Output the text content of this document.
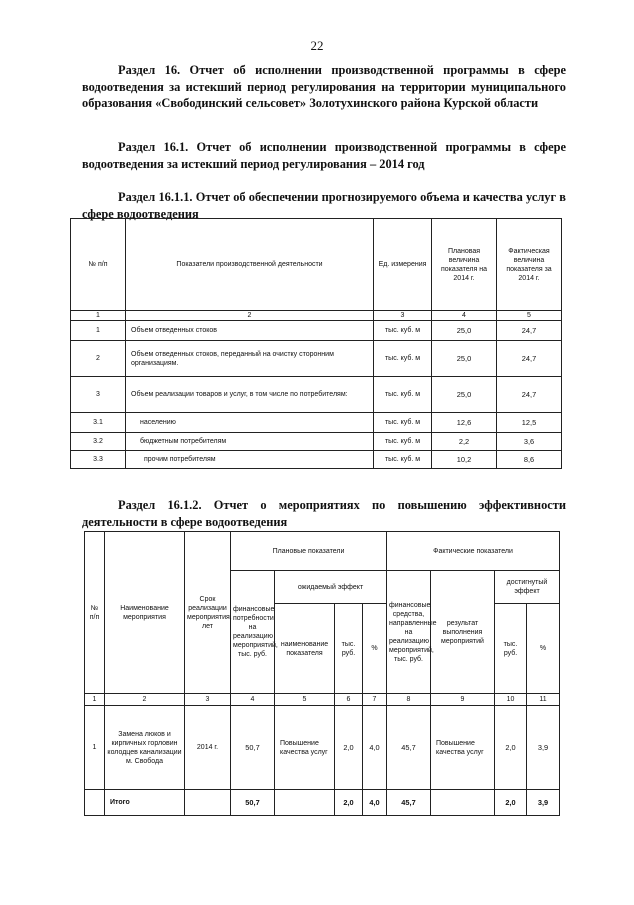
22
Раздел 16. Отчет об исполнении производственной программы в сфере водоотведения за истекший период регулирования на территории муниципального образования «Свободинский сельсовет» Золотухинского района Курской области
Раздел 16.1. Отчет об исполнении производственной программы в сфере водоотведения за истекший период регулирования – 2014 год
Раздел 16.1.1. Отчет об обеспечении прогнозируемого объема и качества услуг в сфере водоотведения
№ п/п	Показатели производственной деятельности	Ед. измерения	Плановая величина показателя на 2014 г.	Фактическая величина показателя за 2014 г.
1	2	3	4	5
1	Объем отведенных стоков	тыс. куб. м	25,0	24,7
2	Объем отведенных стоков, переданный на очистку сторонним организациям.	тыс. куб. м	25,0	24,7
3	Объем реализации товаров и услуг, в том числе по потребителям:	тыс. куб. м	25,0	24,7
3.1	населению	тыс. куб. м	12,6	12,5
3.2	бюджетным потребителям	тыс. куб. м	2,2	3,6
3.3	прочим потребителям	тыс. куб. м	10,2	8,6
Раздел 16.1.2. Отчет о мероприятиях по повышению эффективности деятельности в сфере водоотведения
№ п/п	Наименование мероприятия	Срок реализации мероприятия, лет	Плановые показатели				Фактические показатели			
			финансовые потребности на реализацию мероприятий, тыс. руб.	ожидаемый эффект			финансовые средства, направленные на реализацию мероприятий, тыс. руб.	результат выполнения мероприятий	достигнутый эффект	
				наименование показателя	тыс. руб.	%			тыс. руб.	%
1	2	3	4	5	6	7	8	9	10	11
1	Замена люков и кирпичных горловин колодцев канализации м. Свобода	2014 г.	50,7	Повышение качества услуг	2,0	4,0	45,7	Повышение качества услуг	2,0	3,9
	Итого		50,7		2,0	4,0	45,7		2,0	3,9
